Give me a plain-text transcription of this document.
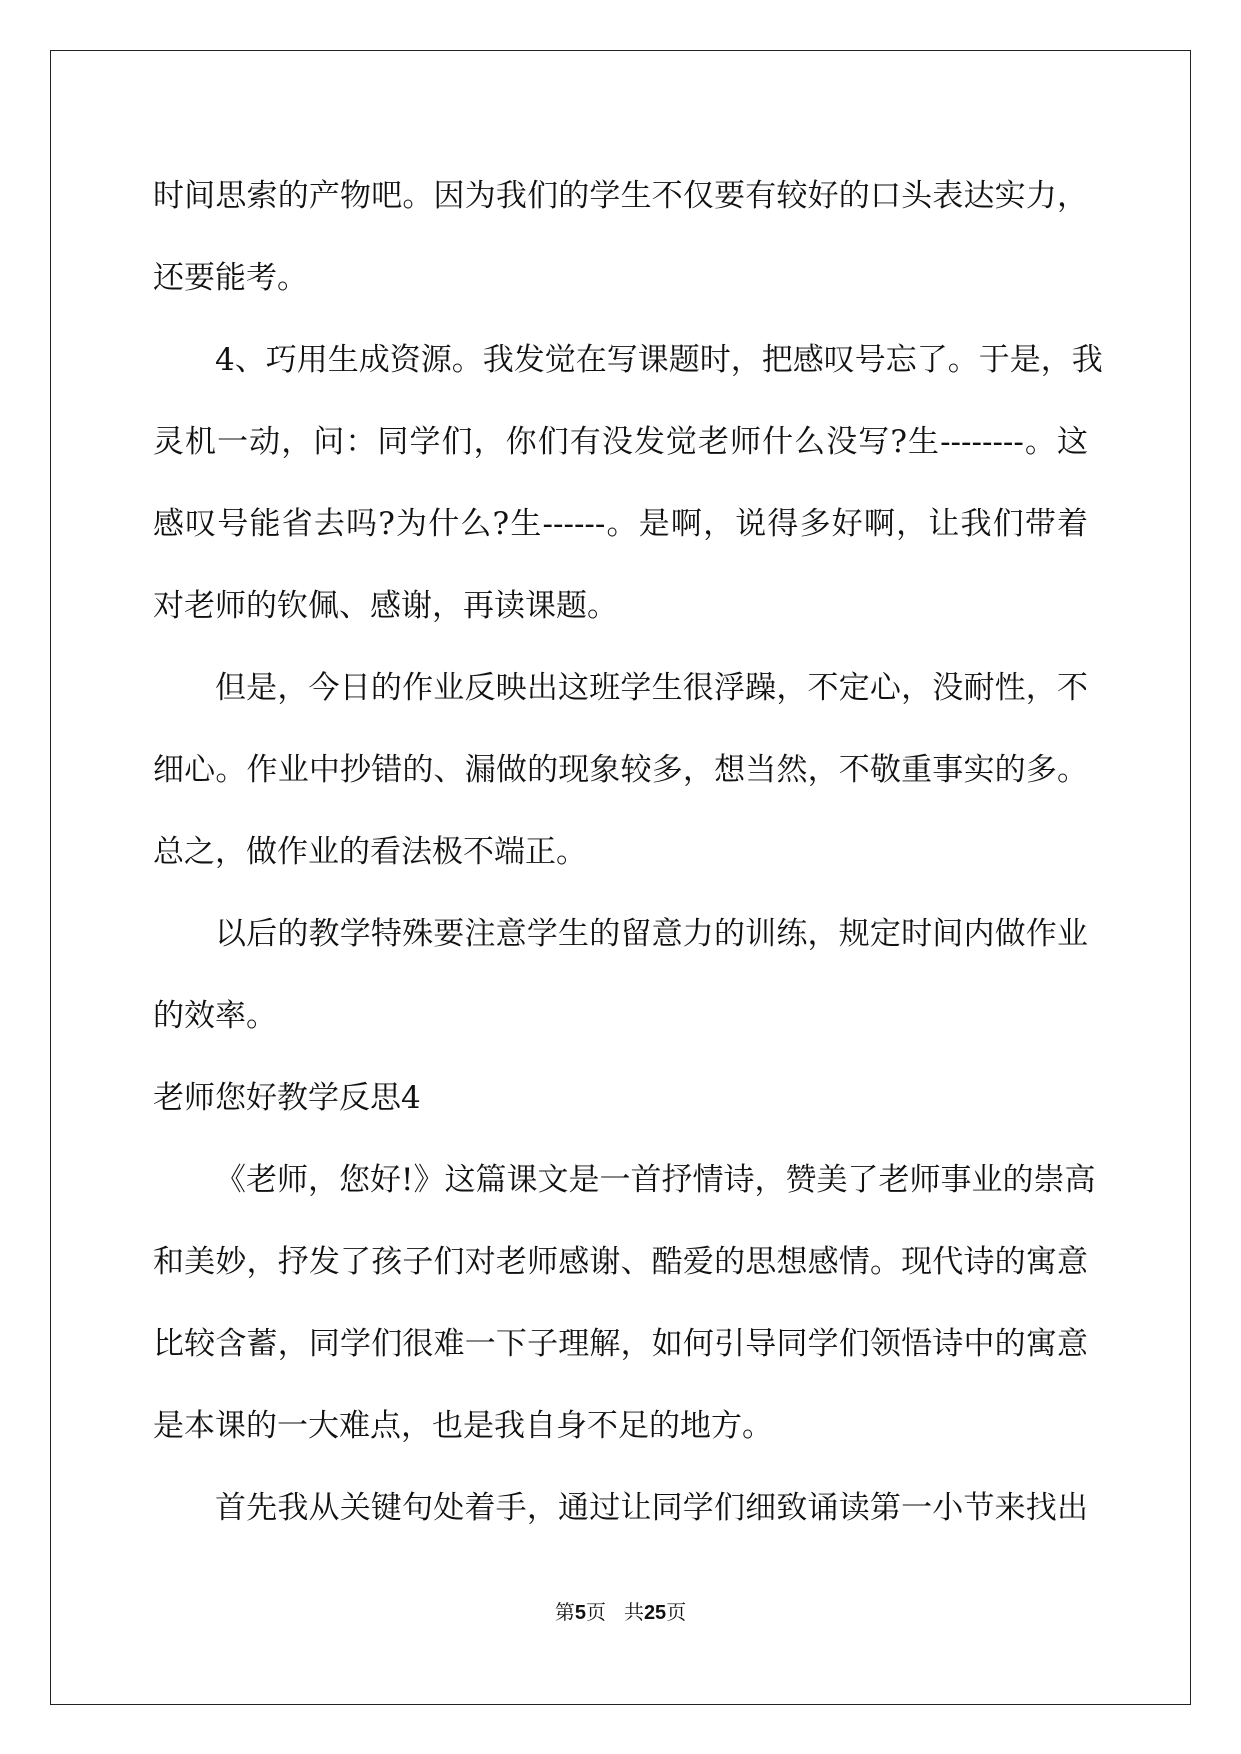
时间思索的产物吧。因为我们的学生不仅要有较好的口头表达实力，
还要能考。
4、巧用生成资源。我发觉在写课题时，把感叹号忘了。于是，我
灵机一动，问：同学们，你们有没发觉老师什么没写?生--------。这
感叹号能省去吗?为什么?生------。是啊，说得多好啊，让我们带着
对老师的钦佩、感谢，再读课题。
但是，今日的作业反映出这班学生很浮躁，不定心，没耐性，不
细心。作业中抄错的、漏做的现象较多，想当然，不敬重事实的多。
总之，做作业的看法极不端正。
以后的教学特殊要注意学生的留意力的训练，规定时间内做作业
的效率。
老师您好教学反思4
《老师，您好!》这篇课文是一首抒情诗，赞美了老师事业的崇高
和美妙，抒发了孩子们对老师感谢、酷爱的思想感情。现代诗的寓意
比较含蓄，同学们很难一下子理解，如何引导同学们领悟诗中的寓意
是本课的一大难点，也是我自身不足的地方。
首先我从关键句处着手，通过让同学们细致诵读第一小节来找出
第5页 共25页
